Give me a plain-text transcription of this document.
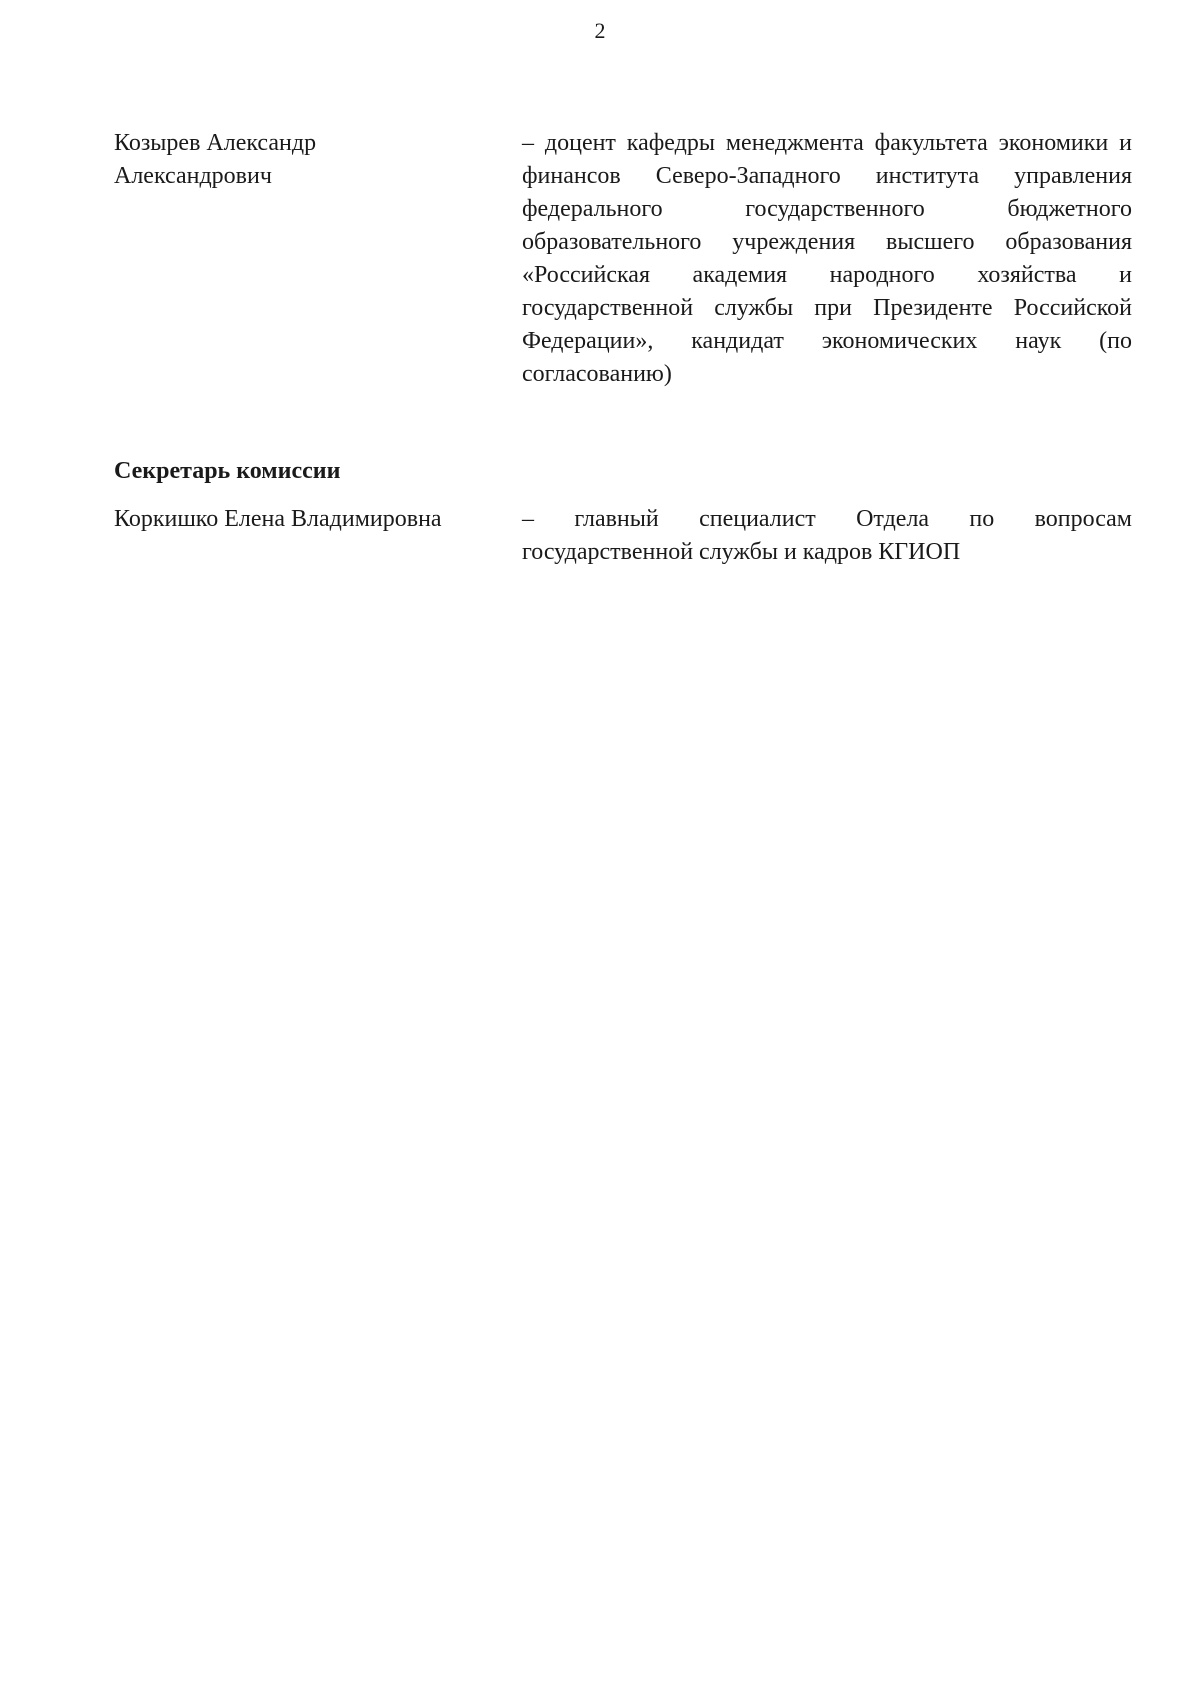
2
Козырев Александр
Александрович
– доцент кафедры менеджмента факультета экономики и финансов Северо-Западного института управления федерального государственного бюджетного образовательного учреждения высшего образования «Российская академия народного хозяйства и государственной службы при Президенте Российской Федерации», кандидат экономических наук (по согласованию)
Секретарь комиссии
Коркишко Елена Владимировна	– главный специалист Отдела по вопросам государственной службы и кадров КГИОП
